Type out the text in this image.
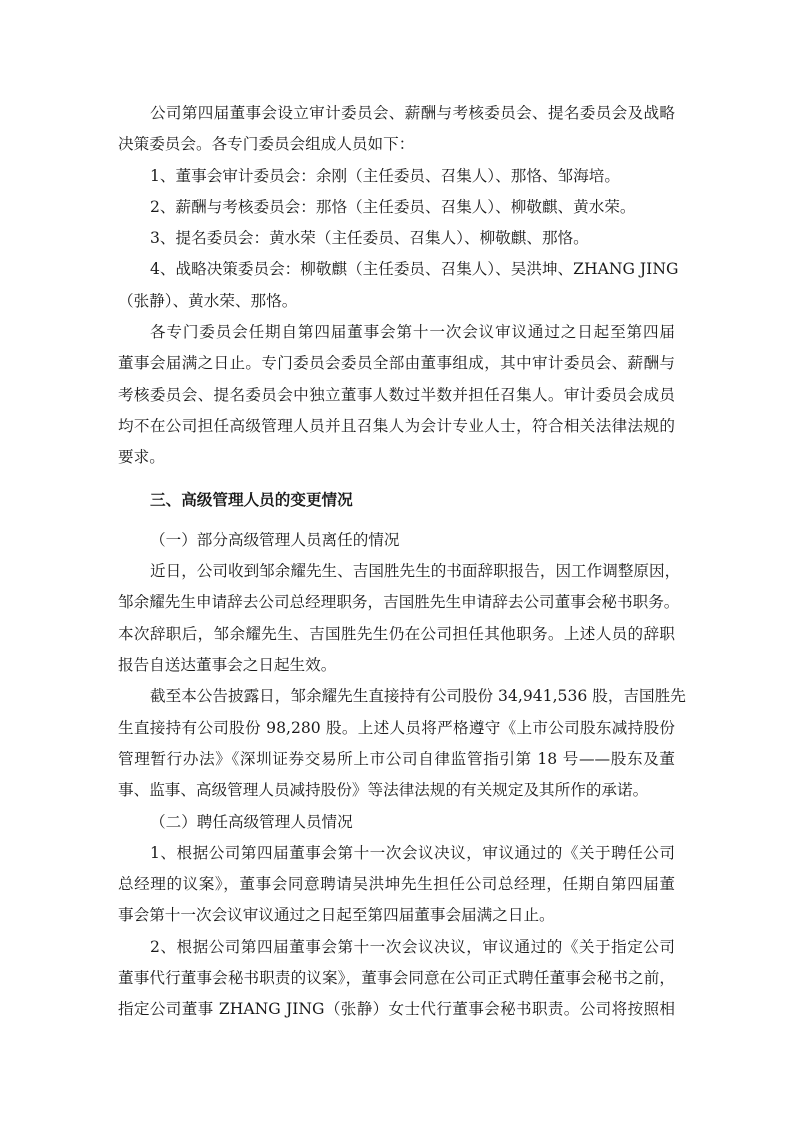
公司第四届董事会设立审计委员会、薪酬与考核委员会、提名委员会及战略
决策委员会。各专门委员会组成人员如下：
1、董事会审计委员会：余刚（主任委员、召集人）、那恪、邹海培。
2、薪酬与考核委员会：那恪（主任委员、召集人）、柳敬麒、黄水荣。
3、提名委员会：黄水荣（主任委员、召集人）、柳敬麒、那恪。
4、战略决策委员会：柳敬麒（主任委员、召集人）、吴洪坤、ZHANG JING
（张静）、黄水荣、那恪。
各专门委员会任期自第四届董事会第十一次会议审议通过之日起至第四届
董事会届满之日止。专门委员会委员全部由董事组成，其中审计委员会、薪酬与
考核委员会、提名委员会中独立董事人数过半数并担任召集人。审计委员会成员
均不在公司担任高级管理人员并且召集人为会计专业人士，符合相关法律法规的
要求。
三、高级管理人员的变更情况
（一）部分高级管理人员离任的情况
近日，公司收到邹余耀先生、吉国胜先生的书面辞职报告，因工作调整原因，
邹余耀先生申请辞去公司总经理职务，吉国胜先生申请辞去公司董事会秘书职务。
本次辞职后，邹余耀先生、吉国胜先生仍在公司担任其他职务。上述人员的辞职
报告自送达董事会之日起生效。
截至本公告披露日，邹余耀先生直接持有公司股份 34,941,536 股，吉国胜先
生直接持有公司股份 98,280 股。上述人员将严格遵守《上市公司股东减持股份
管理暂行办法》《深圳证券交易所上市公司自律监管指引第 18 号——股东及董
事、监事、高级管理人员减持股份》等法律法规的有关规定及其所作的承诺。
（二）聘任高级管理人员情况
1、根据公司第四届董事会第十一次会议决议，审议通过的《关于聘任公司
总经理的议案》，董事会同意聘请吴洪坤先生担任公司总经理，任期自第四届董
事会第十一次会议审议通过之日起至第四届董事会届满之日止。
2、根据公司第四届董事会第十一次会议决议，审议通过的《关于指定公司
董事代行董事会秘书职责的议案》，董事会同意在公司正式聘任董事会秘书之前，
指定公司董事 ZHANG JING（张静）女士代行董事会秘书职责。公司将按照相
